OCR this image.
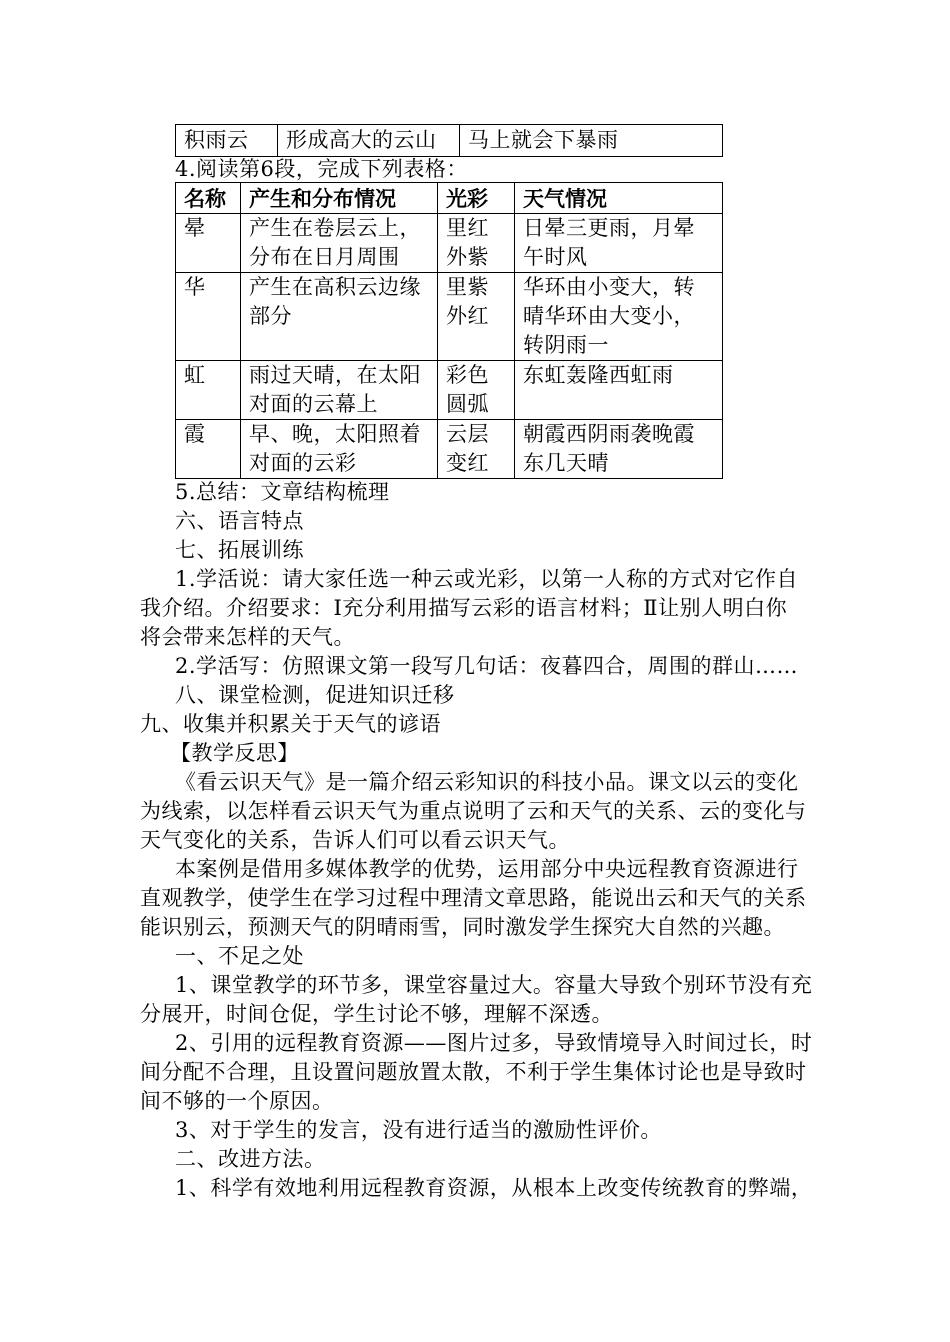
积雨云	形成高大的云山	马上就会下暴雨
4.阅读第6段，完成下列表格：
名称	产生和分布情况	光彩	天气情况
晕	产生在卷层云上，分布在日月周围	里红外紫	日晕三更雨，月晕午时风
华	产生在高积云边缘部分	里紫外红	华环由小变大，转晴华环由大变小，转阴雨一
虹	雨过天晴，在太阳对面的云幕上	彩色圆弧	东虹轰隆西虹雨
霞	早、晚，太阳照着对面的云彩	云层变红	朝霞西阴雨袭晚霞东几天晴
5.总结：文章结构梳理
六、语言特点
七、拓展训练
1.学活说：请大家任选一种云或光彩，以第一人称的方式对它作自
我介绍。介绍要求：Ⅰ充分利用描写云彩的语言材料；Ⅱ让别人明白你
将会带来怎样的天气。
2.学活写：仿照课文第一段写几句话：夜暮四合，周围的群山……
八、课堂检测，促进知识迁移
九、收集并积累关于天气的谚语
【教学反思】
《看云识天气》是一篇介绍云彩知识的科技小品。课文以云的变化
为线索，以怎样看云识天气为重点说明了云和天气的关系、云的变化与
天气变化的关系，告诉人们可以看云识天气。
本案例是借用多媒体教学的优势，运用部分中央远程教育资源进行
直观教学，使学生在学习过程中理清文章思路，能说出云和天气的关系
能识别云，预测天气的阴晴雨雪，同时激发学生探究大自然的兴趣。
一、不足之处
1、课堂教学的环节多，课堂容量过大。容量大导致个别环节没有充
分展开，时间仓促，学生讨论不够，理解不深透。
2、引用的远程教育资源——图片过多，导致情境导入时间过长，时
间分配不合理，且设置问题放置太散，不利于学生集体讨论也是导致时
间不够的一个原因。
3、对于学生的发言，没有进行适当的激励性评价。
二、改进方法。
1、科学有效地利用远程教育资源，从根本上改变传统教育的弊端，
